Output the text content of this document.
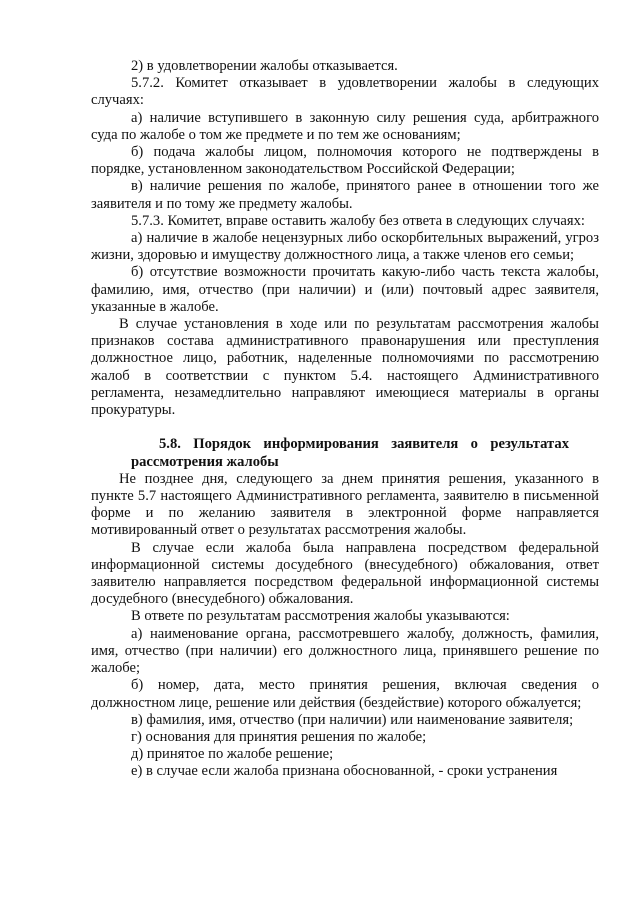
2) в удовлетворении жалобы отказывается.

5.7.2. Комитет отказывает в удовлетворении жалобы в следующих случаях:

а) наличие вступившего в законную силу решения суда, арбитражного суда по жалобе о том же предмете и по тем же основаниям;

б) подача жалобы лицом, полномочия которого не подтверждены в порядке, установленном законодательством Российской Федерации;

в) наличие решения по жалобе, принятого ранее в отношении того же заявителя и по тому же предмету жалобы.

5.7.3. Комитет, вправе оставить жалобу без ответа в следующих случаях:

а) наличие в жалобе нецензурных либо оскорбительных выражений, угроз жизни, здоровью и имуществу должностного лица, а также членов его семьи;

б) отсутствие возможности прочитать какую-либо часть текста жалобы, фамилию, имя, отчество (при наличии) и (или) почтовый адрес заявителя, указанные в жалобе.

В случае установления в ходе или по результатам рассмотрения жалобы признаков состава административного правонарушения или преступления должностное лицо, работник, наделенные полномочиями по рассмотрению жалоб в соответствии с пунктом 5.4. настоящего Административного регламента, незамедлительно направляют имеющиеся материалы в органы прокуратуры.

5.8. Порядок информирования заявителя о результатах рассмотрения жалобы

Не позднее дня, следующего за днем принятия решения, указанного в пункте 5.7 настоящего Административного регламента, заявителю в письменной форме и по желанию заявителя в электронной форме направляется мотивированный ответ о результатах рассмотрения жалобы.

В случае если жалоба была направлена посредством федеральной информационной системы досудебного (внесудебного) обжалования, ответ заявителю направляется посредством федеральной информационной системы досудебного (внесудебного) обжалования.

В ответе по результатам рассмотрения жалобы указываются:

а) наименование органа, рассмотревшего жалобу, должность, фамилия, имя, отчество (при наличии) его должностного лица, принявшего решение по жалобе;

б) номер, дата, место принятия решения, включая сведения о должностном лице, решение или действия (бездействие) которого обжалуется;

в) фамилия, имя, отчество (при наличии) или наименование заявителя;

г) основания для принятия решения по жалобе;

д) принятое по жалобе решение;

е) в случае если жалоба признана обоснованной, - сроки устранения
